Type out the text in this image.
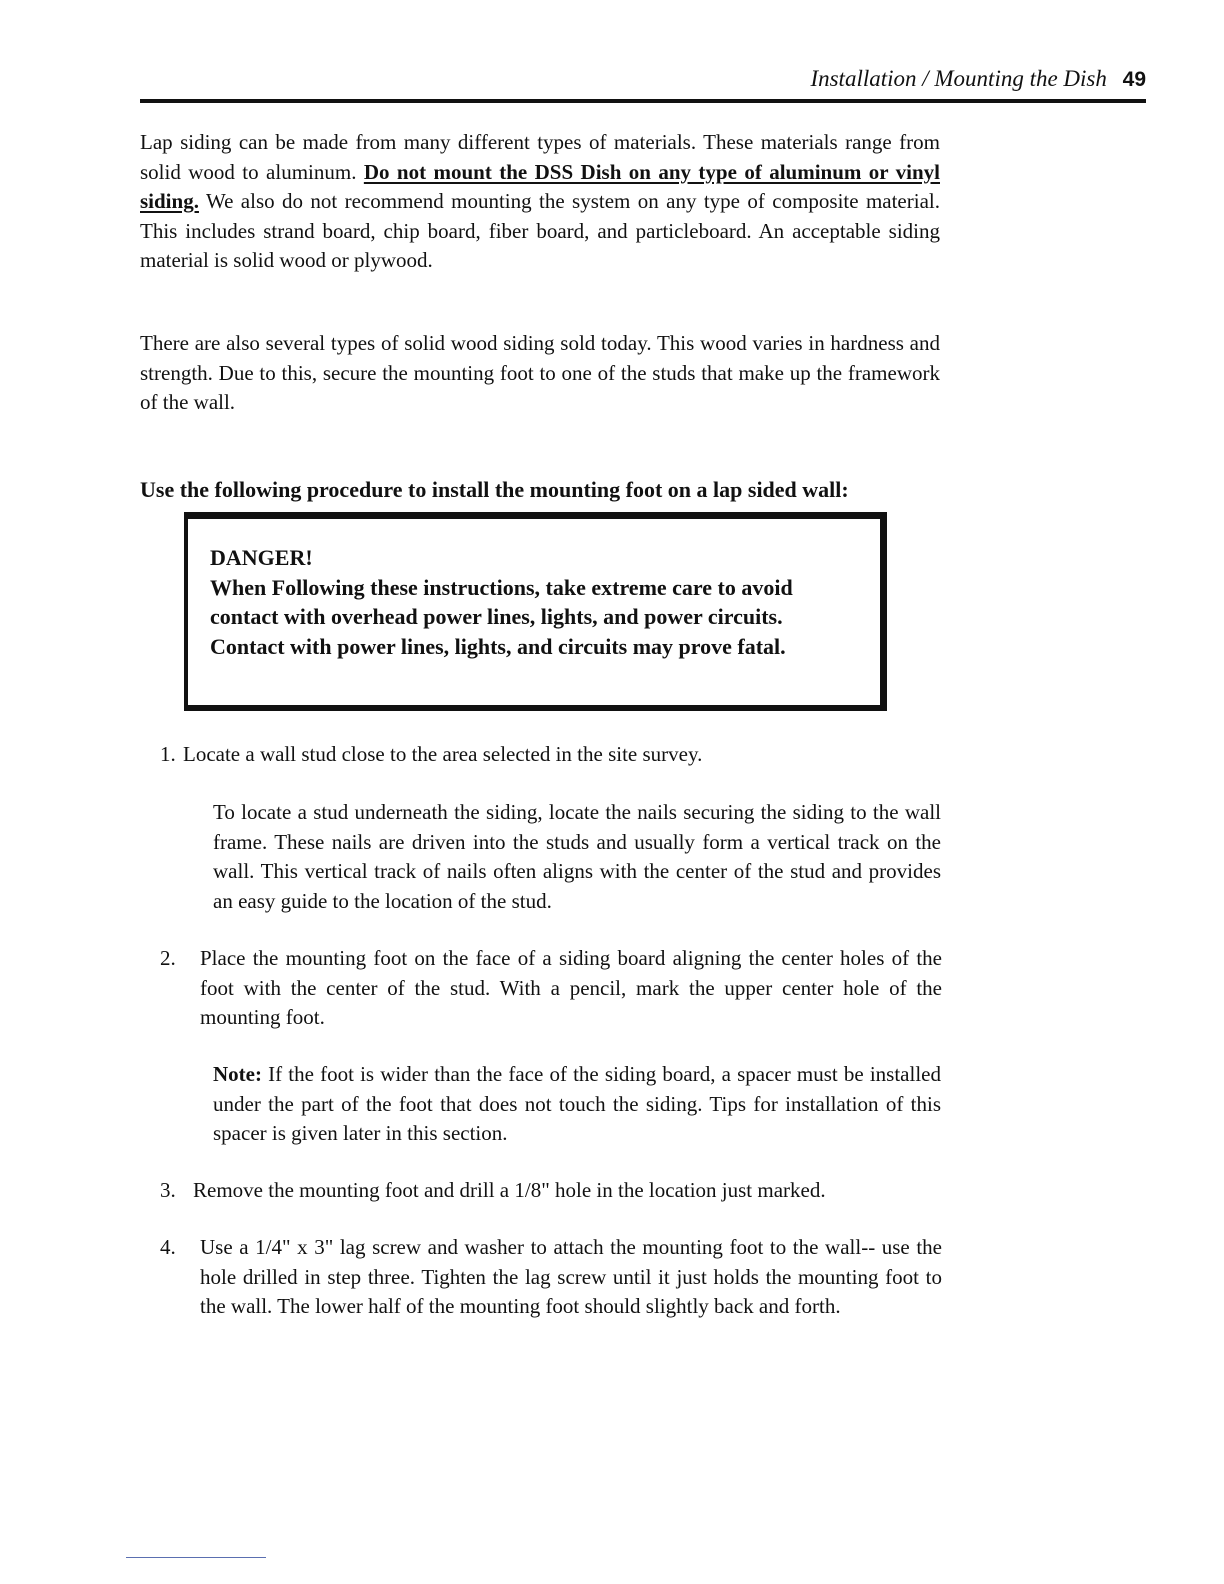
Installation / Mounting the Dish 49

Lap siding can be made from many different types of materials. These materials range from solid wood to aluminum. Do not mount the DSS Dish on any type of aluminum or vinyl siding. We also do not recommend mounting the system on any type of composite material. This includes strand board, chip board, fiber board, and particleboard. An acceptable siding material is solid wood or plywood.

There are also several types of solid wood siding sold today. This wood varies in hardness and strength. Due to this, secure the mounting foot to one of the studs that make up the framework of the wall.

Use the following procedure to install the mounting foot on a lap sided wall:

DANGER!
When Following these instructions, take extreme care to avoid
contact with overhead power lines, lights, and power circuits.
Contact with power lines, lights, and circuits may prove fatal.
1. Locate a wall stud close to the area selected in the site survey.

To locate a stud underneath the siding, locate the nails securing the siding to the wall frame. These nails are driven into the studs and usually form a vertical track on the wall. This vertical track of nails often aligns with the center of the stud and provides an easy guide to the location of the stud.

2. Place the mounting foot on the face of a siding board aligning the center holes of the foot with the center of the stud. With a pencil, mark the upper center hole of the mounting foot.

Note: If the foot is wider than the face of the siding board, a spacer must be installed under the part of the foot that does not touch the siding. Tips for installation of this spacer is given later in this section.

3. Remove the mounting foot and drill a 1/8" hole in the location just marked.
4. Use a 1/4" x 3" lag screw and washer to attach the mounting foot to the wall-- use the hole drilled in step three. Tighten the lag screw until it just holds the mounting foot to the wall. The lower half of the mounting foot should slightly back and forth.
